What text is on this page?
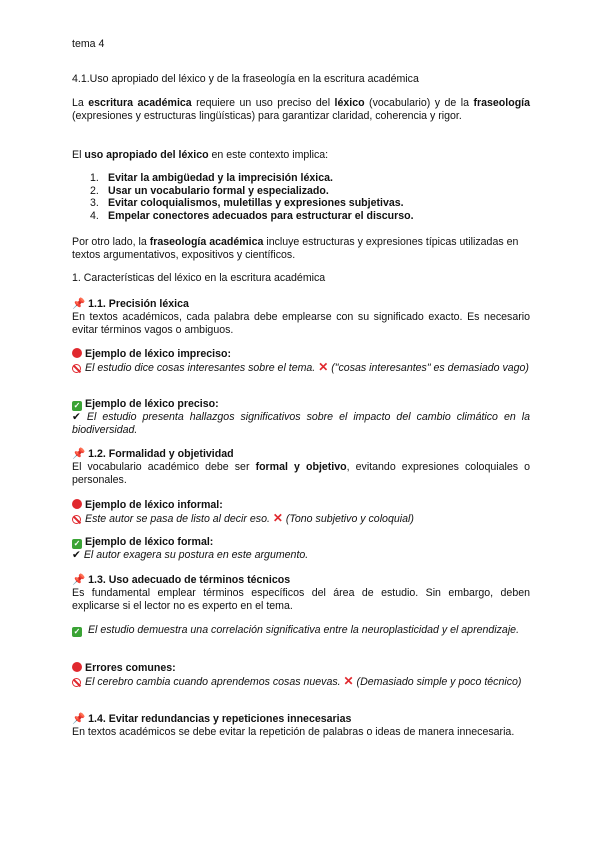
tema 4
4.1.Uso apropiado del léxico y de la fraseología en la escritura académica
La escritura académica requiere un uso preciso del léxico (vocabulario) y de la fraseología (expresiones y estructuras lingüísticas) para garantizar claridad, coherencia y rigor.
El uso apropiado del léxico en este contexto implica:
1. Evitar la ambigüedad y la imprecisión léxica.
2. Usar un vocabulario formal y especializado.
3. Evitar coloquialismos, muletillas y expresiones subjetivas.
4. Empelar conectores adecuados para estructurar el discurso.
Por otro lado, la fraseología académica incluye estructuras y expresiones típicas utilizadas en textos argumentativos, expositivos y científicos.
1. Características del léxico en la escritura académica
📌 1.1. Precisión léxica
En textos académicos, cada palabra debe emplearse con su significado exacto. Es necesario evitar términos vagos o ambiguos.
Ejemplo de léxico impreciso:
El estudio dice cosas interesantes sobre el tema. ✕ ("cosas interesantes" es demasiado vago)
✓ Ejemplo de léxico preciso:
✔ El estudio presenta hallazgos significativos sobre el impacto del cambio climático en la biodiversidad.
📌 1.2. Formalidad y objetividad
El vocabulario académico debe ser formal y objetivo, evitando expresiones coloquiales o personales.
Ejemplo de léxico informal:
Este autor se pasa de listo al decir eso. ✕ (Tono subjetivo y coloquial)
✓ Ejemplo de léxico formal:
✔ El autor exagera su postura en este argumento.
📌 1.3. Uso adecuado de términos técnicos
Es fundamental emplear términos específicos del área de estudio. Sin embargo, deben explicarse si el lector no es experto en el tema.
✓ El estudio demuestra una correlación significativa entre la neuroplasticidad y el aprendizaje.
Errores comunes:
El cerebro cambia cuando aprendemos cosas nuevas. ✕ (Demasiado simple y poco técnico)
📌 1.4. Evitar redundancias y repeticiones innecesarias
En textos académicos se debe evitar la repetición de palabras o ideas de manera innecesaria.
